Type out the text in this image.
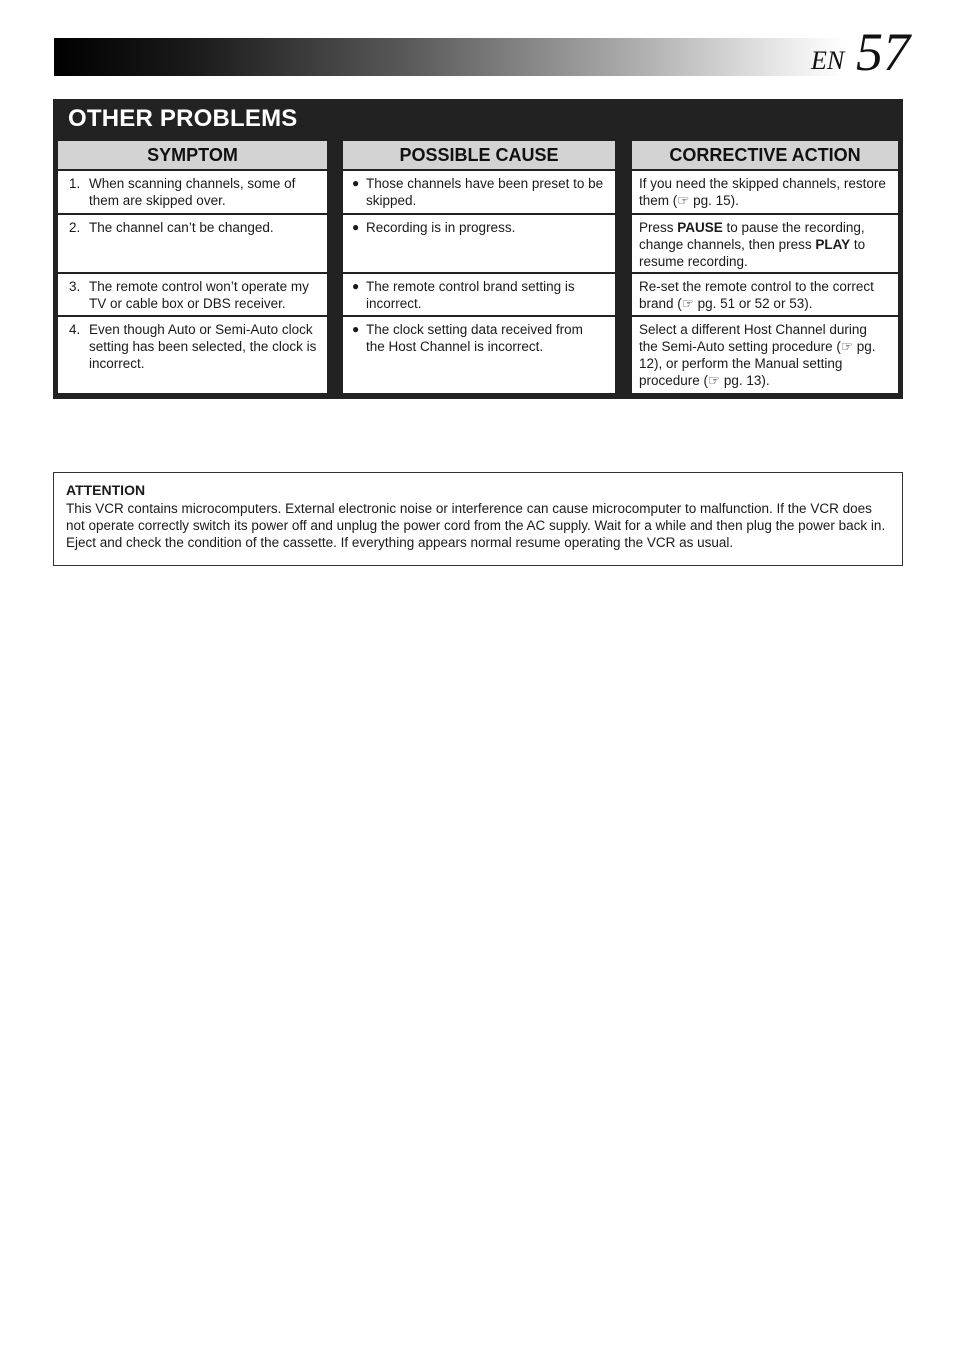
EN 57
OTHER PROBLEMS
SYMPTOM
1. When scanning channels, some of them are skipped over.
2. The channel can’t be changed.
3. The remote control won’t operate my TV or cable box or DBS receiver.
4. Even though Auto or Semi-Auto clock setting has been selected, the clock is incorrect.
POSSIBLE CAUSE
● Those channels have been preset to be skipped.
● Recording is in progress.
● The remote control brand setting is incorrect.
● The clock setting data received from the Host Channel is incorrect.
CORRECTIVE ACTION
If you need the skipped channels, restore them (☞ pg. 15).
Press PAUSE to pause the recording, change channels, then press PLAY to resume recording.
Re-set the remote control to the correct brand (☞ pg. 51 or 52 or 53).
Select a different Host Channel during the Semi-Auto setting procedure (☞ pg. 12), or perform the Manual setting procedure (☞ pg. 13).
ATTENTION
This VCR contains microcomputers. External electronic noise or interference can cause microcomputer to malfunction. If the VCR does not operate correctly switch its power off and unplug the power cord from the AC supply. Wait for a while and then plug the power back in. Eject and check the condition of the cassette. If everything appears normal resume operating the VCR as usual.
